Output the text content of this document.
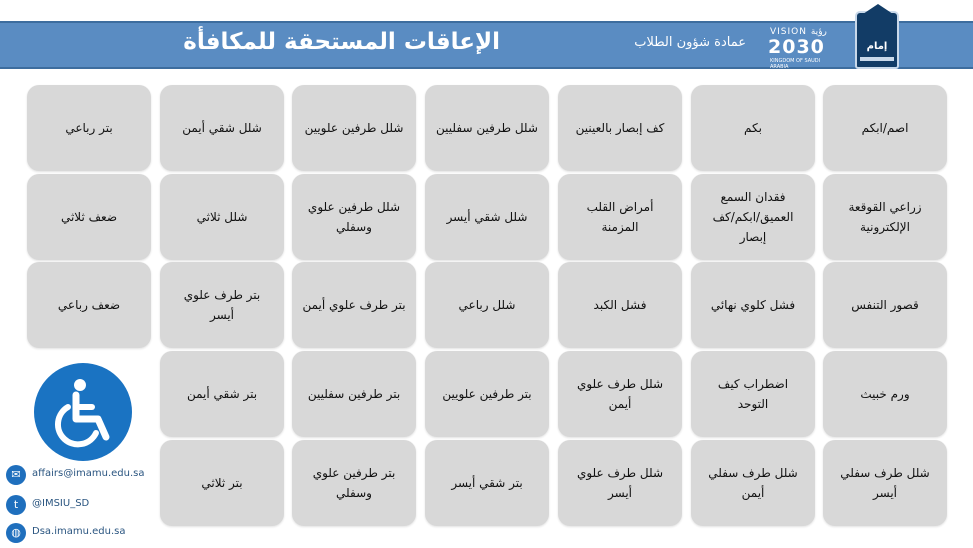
الإعاقات المستحقة للمكافأة	عمادة شؤون الطلاب
VISION رؤية
2030
KINGDOM OF SAUDI ARABIA
إمام
اصم/ابكم
بكم
كف إبصار بالعينين
شلل طرفين سفليين
شلل طرفين علويين
شلل شقي أيمن
بتر رباعي
زراعي القوقعة الإلكترونية
فقدان السمع العميق/ابكم/كف إبصار
أمراض القلب المزمنة
شلل شقي أيسر
شلل طرفين علوي وسفلي
شلل ثلاثي
ضعف ثلاثي
قصور التنفس
فشل كلوي نهائي
فشل الكبد
شلل رباعي
بتر طرف علوي أيمن
بتر طرف علوي أيسر
ضعف رباعي
ورم خبيث
اضطراب كيف التوحد
شلل طرف علوي أيمن
بتر طرفين علويين
بتر طرفين سفليين
بتر شقي أيمن
شلل طرف سفلي أيسر
شلل طرف سفلي أيمن
شلل طرف علوي أيسر
بتر شقي أيسر
بتر طرفين علوي وسفلي
بتر ثلاثي
✉	affairs@imamu.edu.sa
t	@IMSIU_SD
◍	Dsa.imamu.edu.sa
